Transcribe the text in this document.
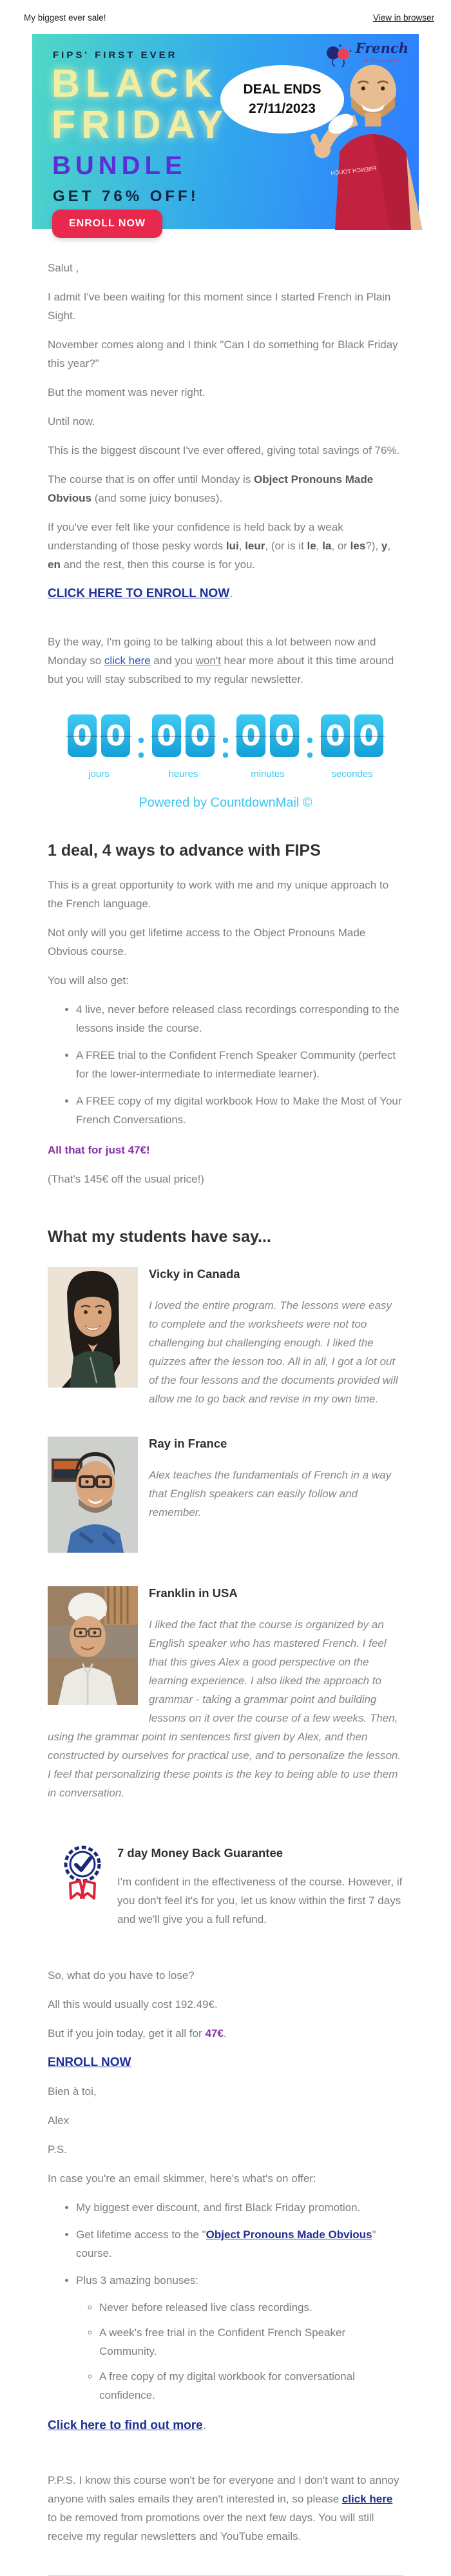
My biggest ever sale!	View in browser
FIPS' FIRST EVER
BLACK
FRIDAY
BUNDLE
GET 76% OFF!
ENROLL NOW
FRENCH TOUCH
DEAL ENDS
27/11/2023
French
IN PLAIN SIGHT

Salut ,

I admit I've been waiting for this moment since I started French in Plain Sight.

November comes along and I think "Can I do something for Black Friday this year?"

But the moment was never right.

Until now.

This is the biggest discount I've ever offered, giving total savings of 76%.

The course that is on offer until Monday is Object Pronouns Made Obvious (and some juicy bonuses).

If you've ever felt like your confidence is held back by a weak understanding of those pesky words lui, leur, (or is it le, la, or les?), y, en and the rest, then this course is for you.

CLICK HERE TO ENROLL NOW.

By the way, I'm going to be talking about this a lot between now and Monday so click here and you won't hear more about it this time around but you will stay subscribed to my regular newsletter.

0 0
jours
0 0
heures
0 0
minutes
0 0
secondes
Powered by CountdownMail ©
1 deal, 4 ways to advance with FIPS

This is a great opportunity to work with me and my unique approach to the French language.

Not only will you get lifetime access to the Object Pronouns Made Obvious course.

You will also get:

• 4 live, never before released class recordings corresponding to the lessons inside the course.
• A FREE trial to the Confident French Speaker Community (perfect for the lower-intermediate to intermediate learner).
• A FREE copy of my digital workbook How to Make the Most of Your French Conversations.

All that for just 47€!

(That's 145€ off the usual price!)

What my students have say...
Vicky in Canada
I loved the entire program. The lessons were easy to complete and the worksheets were not too challenging but challenging enough. I liked the quizzes after the lesson too. All in all, I got a lot out of the four lessons and the documents provided will allow me to go back and revise in my own time.
Ray in France
Alex teaches the fundamentals of French in a way that English speakers can easily follow and remember.
Franklin in USA
I liked the fact that the course is organized by an English speaker who has mastered French. I feel that this gives Alex a good perspective on the learning experience. I also liked the approach to grammar - taking a grammar point and building lessons on it over the course of a few weeks. Then, using the grammar point in sentences first given by Alex, and then constructed by ourselves for practical use, and to personalize the lesson. I feel that personalizing these points is the key to being able to use them in conversation.
7 day Money Back Guarantee
I'm confident in the effectiveness of the course. However, if you don't feel it's for you, let us know within the first 7 days and we'll give you a full refund.

So, what do you have to lose?

All this would usually cost 192.49€.

But if you join today, get it all for 47€.

ENROLL NOW

Bien à toi,

Alex

P.S.

In case you're an email skimmer, here's what's on offer:

• My biggest ever discount, and first Black Friday promotion.
• Get lifetime access to the "Object Pronouns Made Obvious" course.
• Plus 3 amazing bonuses:
◦ Never before released live class recordings.
◦ A week's free trial in the Confident French Speaker Community.
◦ A free copy of my digital workbook for conversational confidence.

Click here to find out more.

P.P.S. I know this course won't be for everyone and I don't want to annoy anyone with sales emails they aren't interested in, so please click here to be removed from promotions over the next few days. You will still receive my regular newsletters and YouTube emails.
